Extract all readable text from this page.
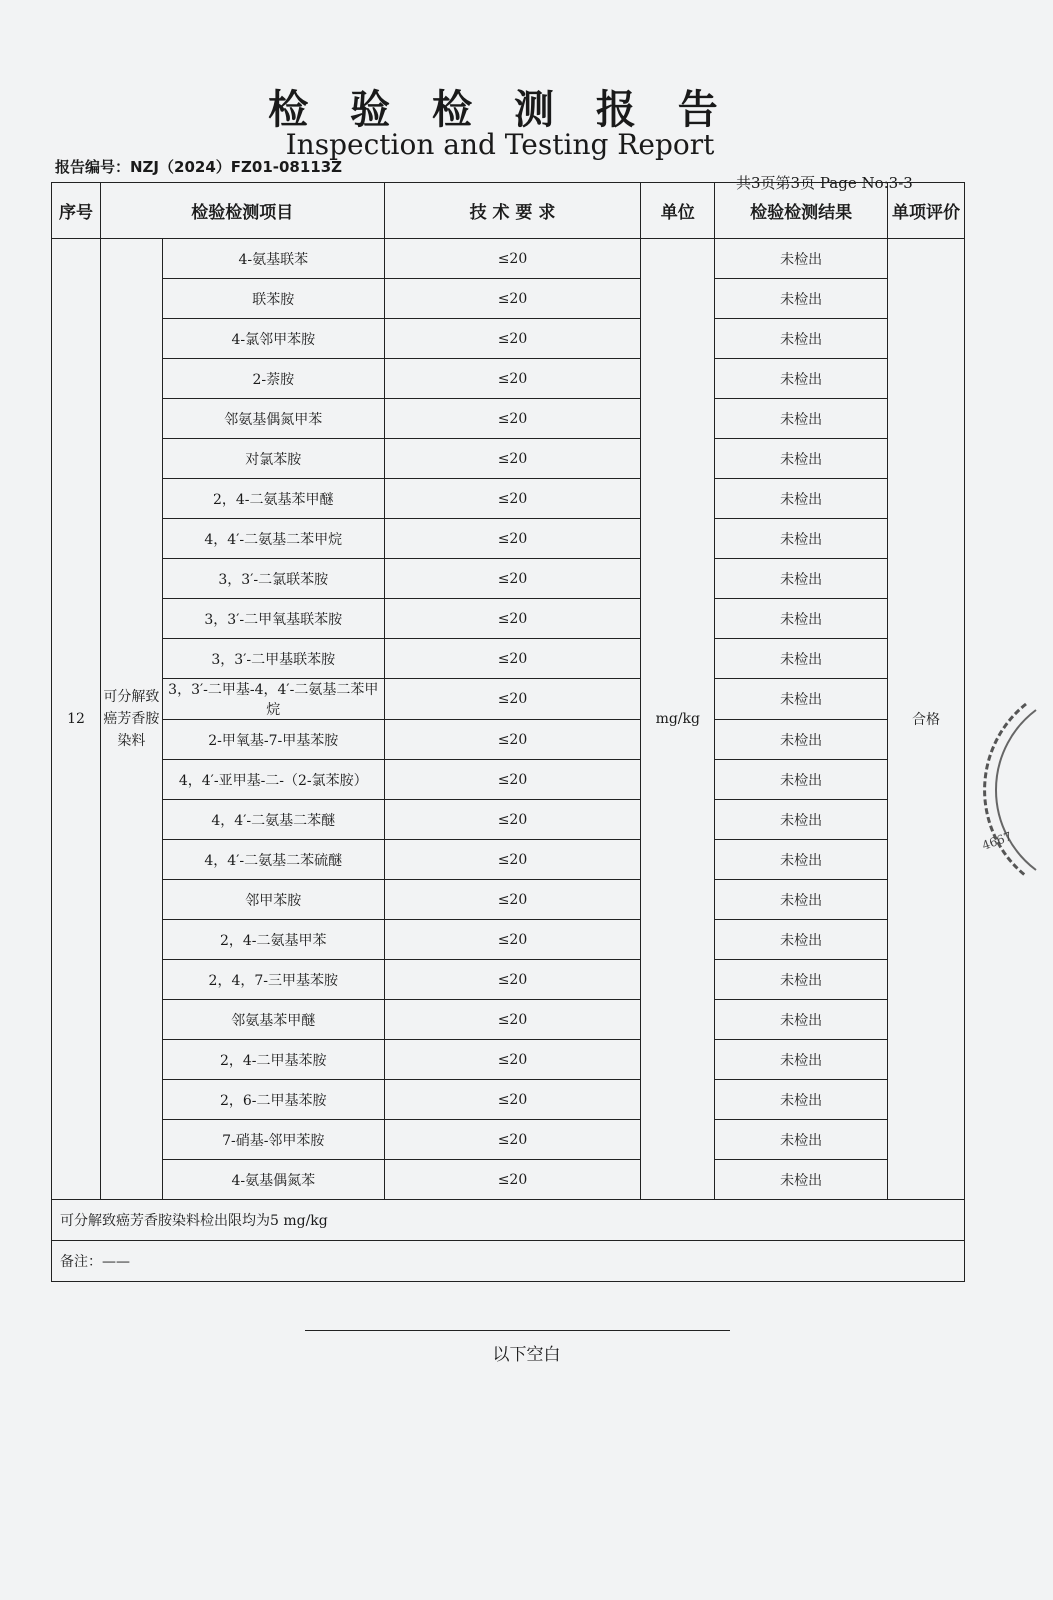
检 验 检 测 报 告
Inspection and Testing Report
报告编号：NZJ（2024）FZ01-08113Z
共3页第3页 Page No:3-3
序号	检验检测项目		技 术 要 求	单位	检验检测结果	单项评价
12	可分解致癌芳香胺染料	4-氨基联苯	≤20	mg/kg	未检出	合格
		联苯胺	≤20		未检出	
		4-氯邻甲苯胺	≤20		未检出	
		2-萘胺	≤20		未检出	
		邻氨基偶氮甲苯	≤20		未检出	
		对氯苯胺	≤20		未检出	
		2，4-二氨基苯甲醚	≤20		未检出	
		4，4′-二氨基二苯甲烷	≤20		未检出	
		3，3′-二氯联苯胺	≤20		未检出	
		3，3′-二甲氧基联苯胺	≤20		未检出	
		3，3′-二甲基联苯胺	≤20		未检出	
		3，3′-二甲基-4，4′-二氨基二苯甲烷	≤20		未检出	
		2-甲氧基-7-甲基苯胺	≤20		未检出	
		4，4′-亚甲基-二-（2-氯苯胺）	≤20		未检出	
		4，4′-二氨基二苯醚	≤20		未检出	
		4，4′-二氨基二苯硫醚	≤20		未检出	
		邻甲苯胺	≤20		未检出	
		2，4-二氨基甲苯	≤20		未检出	
		2，4，7-三甲基苯胺	≤20		未检出	
		邻氨基苯甲醚	≤20		未检出	
		2，4-二甲基苯胺	≤20		未检出	
		2，6-二甲基苯胺	≤20		未检出	
		7-硝基-邻甲苯胺	≤20		未检出	
		4-氨基偶氮苯	≤20		未检出	
可分解致癌芳香胺染料检出限均为5 mg/kg						
备注：——						
以下空白
4667
